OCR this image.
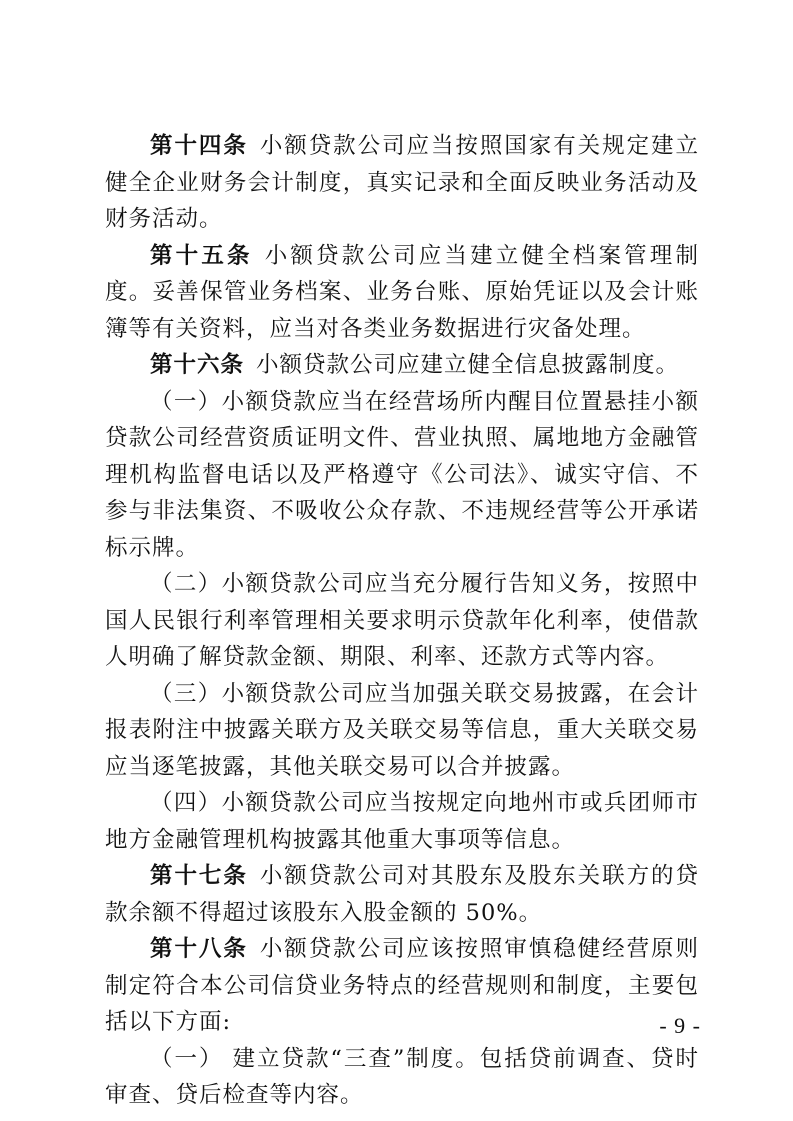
第十四条 小额贷款公司应当按照国家有关规定建立健全企业财务会计制度，真实记录和全面反映业务活动及财务活动。

第十五条 小额贷款公司应当建立健全档案管理制度。妥善保管业务档案、业务台账、原始凭证以及会计账簿等有关资料，应当对各类业务数据进行灾备处理。

第十六条 小额贷款公司应建立健全信息披露制度。

（一）小额贷款应当在经营场所内醒目位置悬挂小额贷款公司经营资质证明文件、营业执照、属地地方金融管理机构监督电话以及严格遵守《公司法》、诚实守信、不参与非法集资、不吸收公众存款、不违规经营等公开承诺标示牌。

（二）小额贷款公司应当充分履行告知义务，按照中国人民银行利率管理相关要求明示贷款年化利率，使借款人明确了解贷款金额、期限、利率、还款方式等内容。

（三）小额贷款公司应当加强关联交易披露，在会计报表附注中披露关联方及关联交易等信息，重大关联交易应当逐笔披露，其他关联交易可以合并披露。

（四）小额贷款公司应当按规定向地州市或兵团师市地方金融管理机构披露其他重大事项等信息。

第十七条 小额贷款公司对其股东及股东关联方的贷款余额不得超过该股东入股金额的 50%。

第十八条 小额贷款公司应该按照审慎稳健经营原则制定符合本公司信贷业务特点的经营规则和制度，主要包括以下方面:

（一） 建立贷款“三查”制度。包括贷前调查、贷时审查、贷后检查等内容。

- 9 -
